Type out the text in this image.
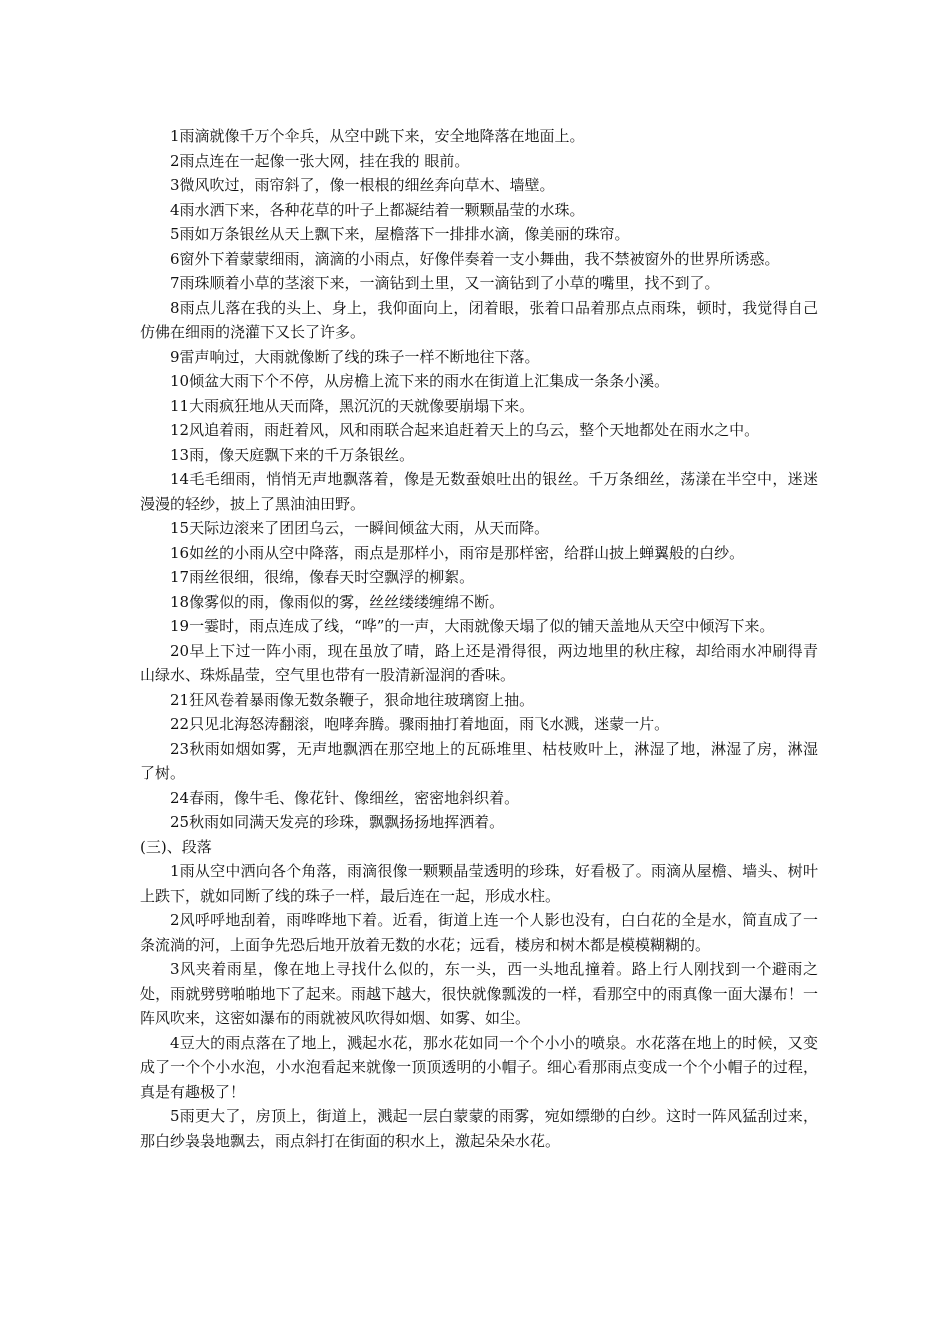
1雨滴就像千万个伞兵，从空中跳下来，安全地降落在地面上。

2雨点连在一起像一张大网，挂在我的 眼前。

3微风吹过，雨帘斜了，像一根根的细丝奔向草木、墙壁。

4雨水洒下来，各种花草的叶子上都凝结着一颗颗晶莹的水珠。

5雨如万条银丝从天上飘下来，屋檐落下一排排水滴，像美丽的珠帘。

6窗外下着蒙蒙细雨，滴滴的小雨点，好像伴奏着一支小舞曲，我不禁被窗外的世界所诱惑。

7雨珠顺着小草的茎滚下来，一滴钻到土里，又一滴钻到了小草的嘴里，找不到了。

8雨点儿落在我的头上、身上，我仰面向上，闭着眼，张着口品着那点点雨珠，顿时，我觉得自己仿佛在细雨的浇灌下又长了许多。

9雷声响过，大雨就像断了线的珠子一样不断地往下落。

10倾盆大雨下个不停，从房檐上流下来的雨水在街道上汇集成一条条小溪。

11大雨疯狂地从天而降，黑沉沉的天就像要崩塌下来。

12风追着雨，雨赶着风，风和雨联合起来追赶着天上的乌云，整个天地都处在雨水之中。

13雨，像天庭飘下来的千万条银丝。

14毛毛细雨，悄悄无声地飘落着，像是无数蚕娘吐出的银丝。千万条细丝，荡漾在半空中，迷迷漫漫的轻纱，披上了黑油油田野。

15天际边滚来了团团乌云，一瞬间倾盆大雨，从天而降。

16如丝的小雨从空中降落，雨点是那样小，雨帘是那样密，给群山披上蝉翼般的白纱。

17雨丝很细，很绵，像春天时空飘浮的柳絮。

18像雾似的雨，像雨似的雾，丝丝缕缕缠绵不断。

19一霎时，雨点连成了线，“哗”的一声，大雨就像天塌了似的铺天盖地从天空中倾泻下来。

20早上下过一阵小雨，现在虽放了晴，路上还是滑得很，两边地里的秋庄稼，却给雨水冲刷得青山绿水、珠烁晶莹，空气里也带有一股清新湿润的香味。

21狂风卷着暴雨像无数条鞭子，狠命地往玻璃窗上抽。

22只见北海怒涛翻滚，咆哮奔腾。骤雨抽打着地面，雨飞水溅，迷蒙一片。

23秋雨如烟如雾，无声地飘洒在那空地上的瓦砾堆里、枯枝败叶上，淋湿了地，淋湿了房，淋湿了树。

24春雨，像牛毛、像花针、像细丝，密密地斜织着。

25秋雨如同满天发亮的珍珠，飘飘扬扬地挥洒着。

(三)、段落

1雨从空中洒向各个角落，雨滴很像一颗颗晶莹透明的珍珠，好看极了。雨滴从屋檐、墙头、树叶上跌下，就如同断了线的珠子一样，最后连在一起，形成水柱。

2风呼呼地刮着，雨哗哗地下着。近看，街道上连一个人影也没有，白白花的全是水，简直成了一条流淌的河，上面争先恐后地开放着无数的水花；远看，楼房和树木都是模模糊糊的。

3风夹着雨星，像在地上寻找什么似的，东一头，西一头地乱撞着。路上行人刚找到一个避雨之处，雨就劈劈啪啪地下了起来。雨越下越大，很快就像瓢泼的一样，看那空中的雨真像一面大瀑布！一阵风吹来，这密如瀑布的雨就被风吹得如烟、如雾、如尘。

4豆大的雨点落在了地上，溅起水花，那水花如同一个个小小的喷泉。水花落在地上的时候，又变成了一个个小水泡，小水泡看起来就像一顶顶透明的小帽子。细心看那雨点变成一个个小帽子的过程，真是有趣极了！

5雨更大了，房顶上，街道上，溅起一层白蒙蒙的雨雾，宛如缥缈的白纱。这时一阵风猛刮过来，那白纱袅袅地飘去，雨点斜打在街面的积水上，激起朵朵水花。
